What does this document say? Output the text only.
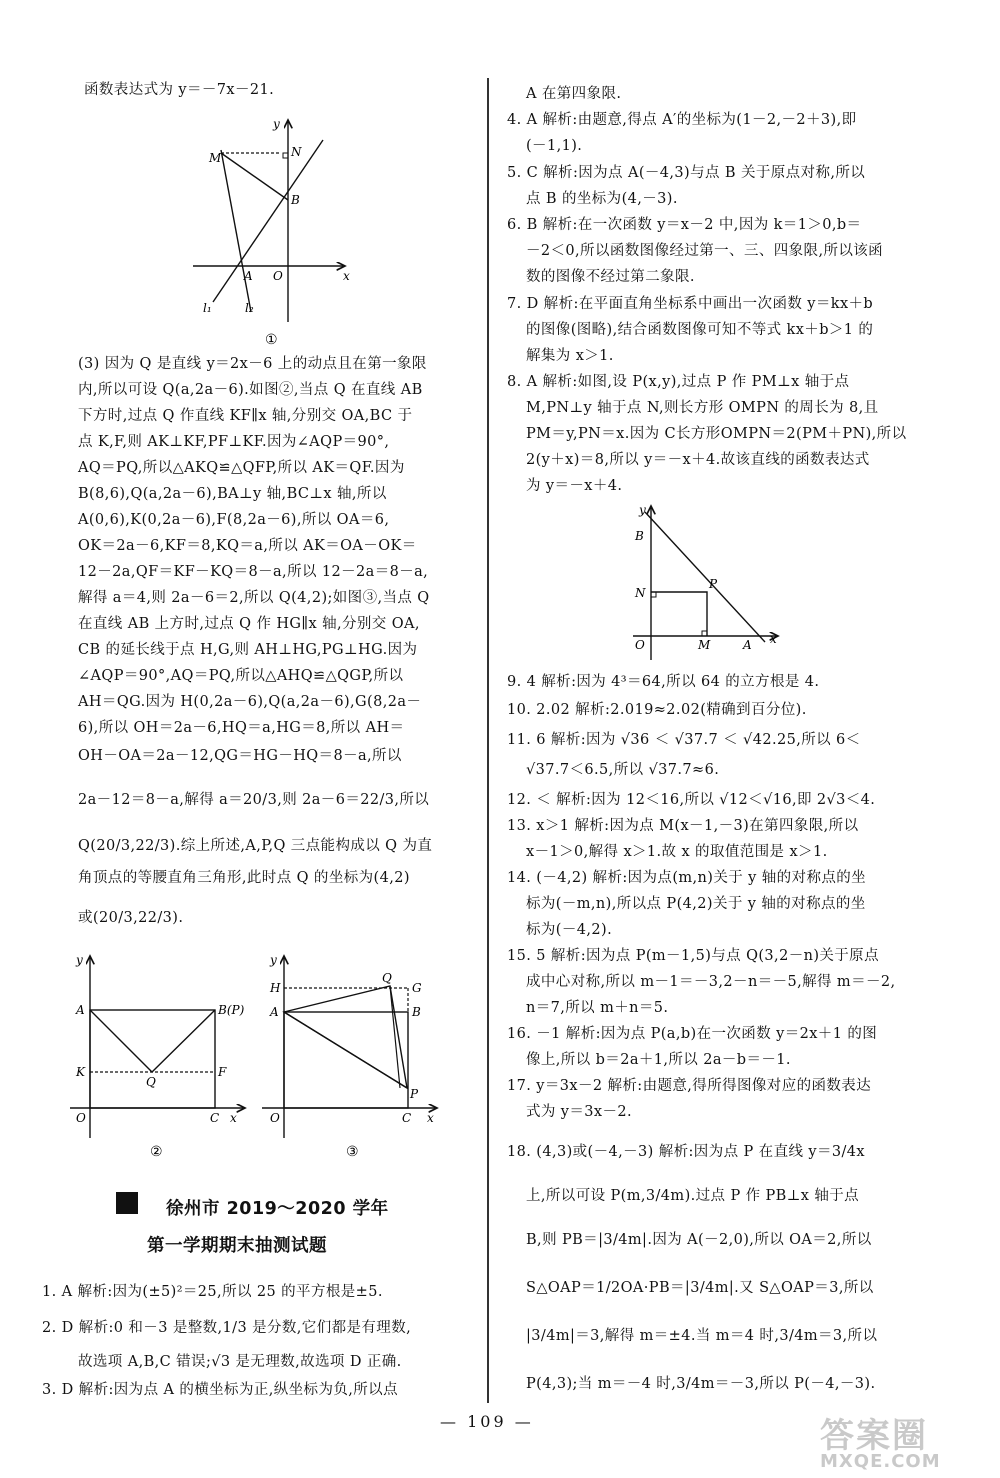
函数表达式为 y＝－7x－21.
y
x
M	N
B
A O
l₁	l₂
①
(3) 因为 Q 是直线 y＝2x－6 上的动点且在第一象限
内,所以可设 Q(a,2a－6).如图②,当点 Q 在直线 AB
下方时,过点 Q 作直线 KF∥x 轴,分别交 OA,BC 于
点 K,F,则 AK⊥KF,PF⊥KF.因为∠AQP＝90°,
AQ＝PQ,所以△AKQ≌△QFP,所以 AK＝QF.因为
B(8,6),Q(a,2a－6),BA⊥y 轴,BC⊥x 轴,所以
A(0,6),K(0,2a－6),F(8,2a－6),所以 OA＝6,
OK＝2a－6,KF＝8,KQ＝a,所以 AK＝OA－OK＝
12－2a,QF＝KF－KQ＝8－a,所以 12－2a＝8－a,
解得 a＝4,则 2a－6＝2,所以 Q(4,2);如图③,当点 Q
在直线 AB 上方时,过点 Q 作 HG∥x 轴,分别交 OA,
CB 的延长线于点 H,G,则 AH⊥HG,PG⊥HG.因为
∠AQP＝90°,AQ＝PQ,所以△AHQ≌△QGP,所以
AH＝QG.因为 H(0,2a－6),Q(a,2a－6),G(8,2a－
6),所以 OH＝2a－6,HQ＝a,HG＝8,所以 AH＝
OH－OA＝2a－12,QG＝HG－HQ＝8－a,所以
2a－12＝8－a,解得 a＝20/3,则 2a－6＝22/3,所以
Q(20/3,22/3).综上所述,A,P,Q 三点能构成以 Q 为直
角顶点的等腰直角三角形,此时点 Q 的坐标为(4,2)
或(20/3,22/3).
y
A	B(P)
K
Q
F
O	C x
②
y
H
Q
G
A	B
P
O	C x
③
徐州市 2019～2020 学年
第一学期期末抽测试题
1. A 解析:因为(±5)²＝25,所以 25 的平方根是±5.
2. D 解析:0 和－3 是整数,1/3 是分数,它们都是有理数,
故选项 A,B,C 错误;√3 是无理数,故选项 D 正确.
3. D 解析:因为点 A 的横坐标为正,纵坐标为负,所以点
A 在第四象限.
4. A 解析:由题意,得点 A′的坐标为(1－2,－2＋3),即
(－1,1).
5. C 解析:因为点 A(－4,3)与点 B 关于原点对称,所以
点 B 的坐标为(4,－3).
6. B 解析:在一次函数 y＝x－2 中,因为 k＝1＞0,b＝
－2＜0,所以函数图像经过第一、三、四象限,所以该函
数的图像不经过第二象限.
7. D 解析:在平面直角坐标系中画出一次函数 y＝kx＋b
的图像(图略),结合函数图像可知不等式 kx＋b＞1 的
解集为 x＞1.
8. A 解析:如图,设 P(x,y),过点 P 作 PM⊥x 轴于点
M,PN⊥y 轴于点 N,则长方形 OMPN 的周长为 8,且
PM＝y,PN＝x.因为 C长方形OMPN＝2(PM＋PN),所以
2(y＋x)＝8,所以 y＝－x＋4.故该直线的函数表达式
为 y＝－x＋4.
y
B
N
P
O	M	A x
9. 4 解析:因为 4³＝64,所以 64 的立方根是 4.
10. 2.02 解析:2.019≈2.02(精确到百分位).
11. 6 解析:因为 √36 ＜ √37.7 ＜ √42.25,所以 6＜
√37.7＜6.5,所以 √37.7≈6.
12. ＜ 解析:因为 12＜16,所以 √12＜√16,即 2√3＜4.
13. x＞1 解析:因为点 M(x－1,－3)在第四象限,所以
x－1＞0,解得 x＞1.故 x 的取值范围是 x＞1.
14. (－4,2) 解析:因为点(m,n)关于 y 轴的对称点的坐
标为(－m,n),所以点 P(4,2)关于 y 轴的对称点的坐
标为(－4,2).
15. 5 解析:因为点 P(m－1,5)与点 Q(3,2－n)关于原点
成中心对称,所以 m－1＝－3,2－n＝－5,解得 m＝－2,
n＝7,所以 m＋n＝5.
16. －1 解析:因为点 P(a,b)在一次函数 y＝2x＋1 的图
像上,所以 b＝2a＋1,所以 2a－b＝－1.
17. y＝3x－2 解析:由题意,得所得图像对应的函数表达
式为 y＝3x－2.
18. (4,3)或(－4,－3) 解析:因为点 P 在直线 y＝3/4x
上,所以可设 P(m,3/4m).过点 P 作 PB⊥x 轴于点
B,则 PB＝|3/4m|.因为 A(－2,0),所以 OA＝2,所以
S△OAP＝1/2OA·PB＝|3/4m|.又 S△OAP＝3,所以
|3/4m|＝3,解得 m＝±4.当 m＝4 时,3/4m＝3,所以
P(4,3);当 m＝－4 时,3/4m＝－3,所以 P(－4,－3).
— 109 —	答案圈
MXQE.COM
